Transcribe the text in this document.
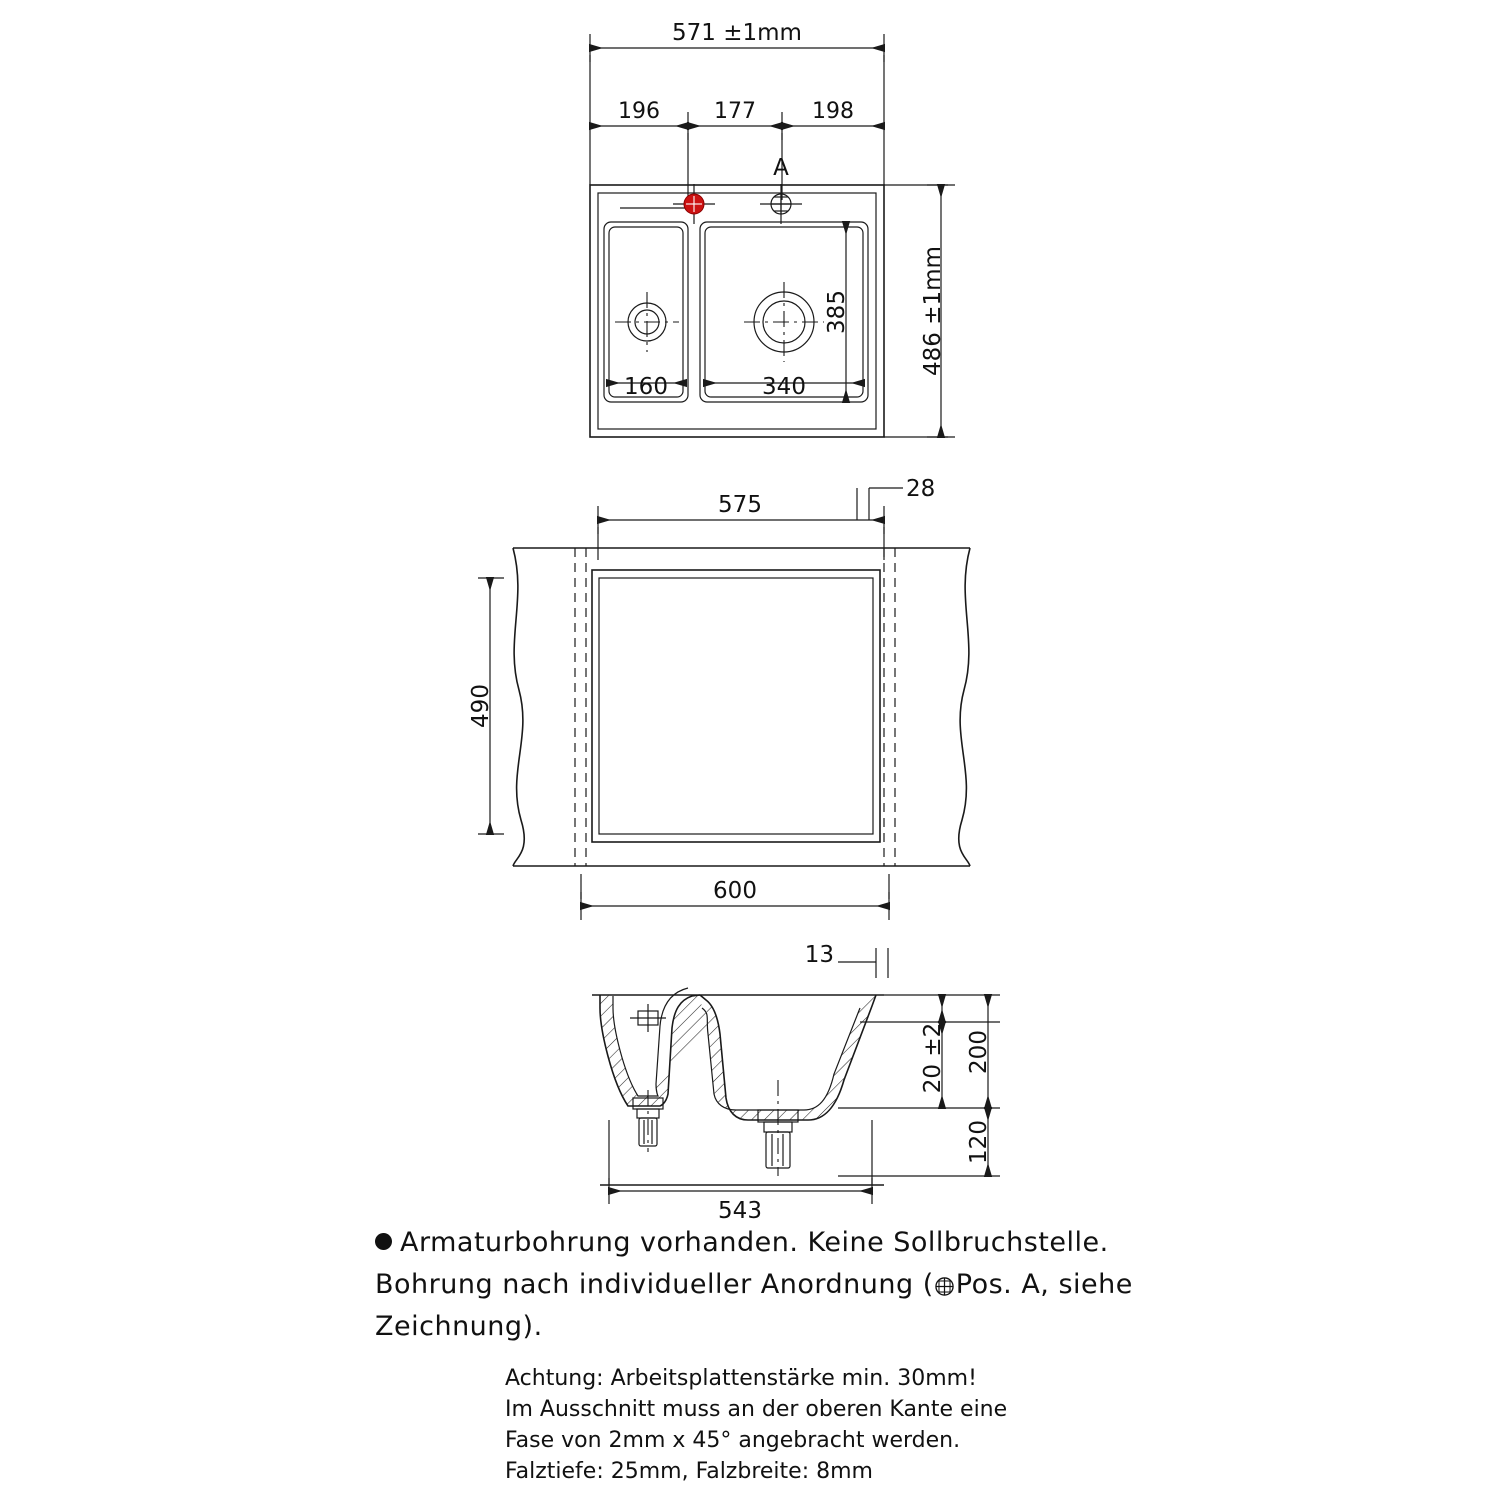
571 ±1mm
196 177	198
A
160	340
385	486 ±1mm
575
28
490
600
13
20 ±2 200
120
543
Armaturbohrung vorhanden. Keine Sollbruchstelle.
Bohrung nach individueller Anordnung ( Pos. A, siehe
Zeichnung).
Achtung: Arbeitsplattenstärke min. 30mm!
Im Ausschnitt muss an der oberen Kante eine
Fase von 2mm x 45° angebracht werden.
Falztiefe: 25mm, Falzbreite: 8mm
